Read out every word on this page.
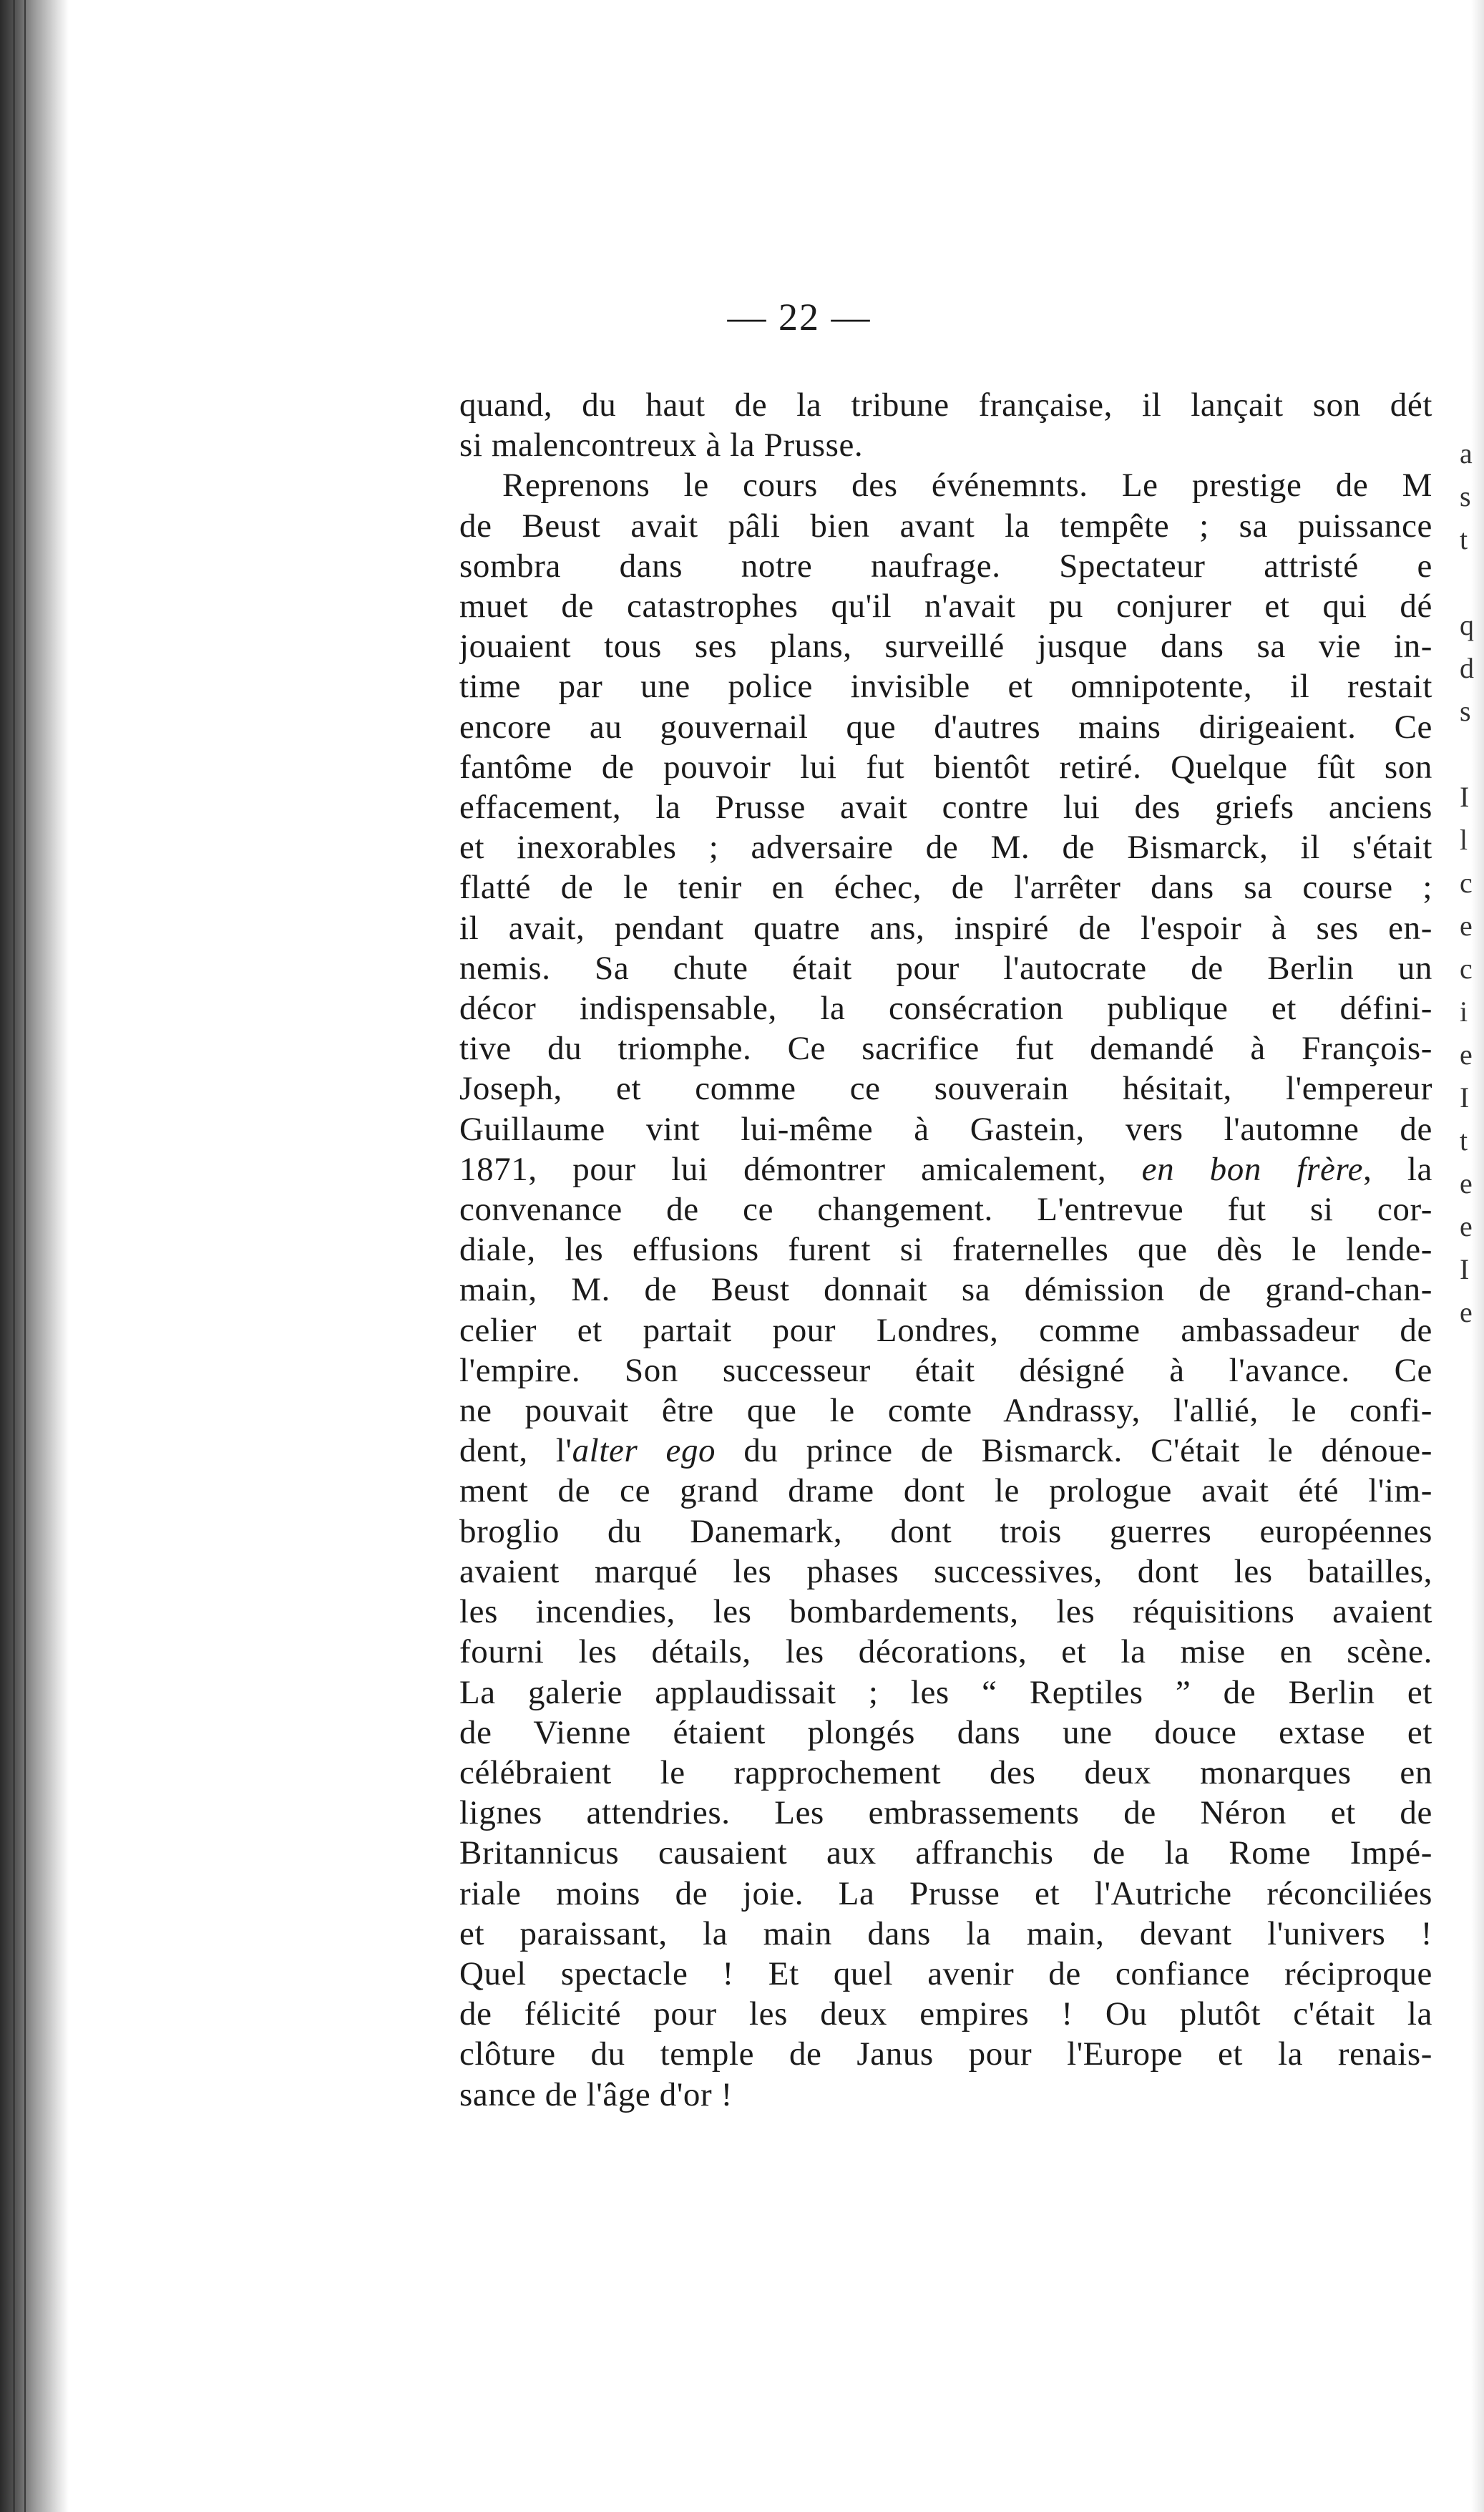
— 22 —
quand, du haut de la tribune française, il lançait son dét
si malencontreux à la Prusse.
Reprenons le cours des événemnts. Le prestige de M
de Beust avait pâli bien avant la tempête ; sa puissance
sombra dans notre naufrage. Spectateur attristé e
muet de catastrophes qu'il n'avait pu conjurer et qui dé
jouaient tous ses plans, surveillé jusque dans sa vie in-
time par une police invisible et omnipotente, il restait
encore au gouvernail que d'autres mains dirigeaient. Ce
fantôme de pouvoir lui fut bientôt retiré. Quelque fût son
effacement, la Prusse avait contre lui des griefs anciens
et inexorables ; adversaire de M. de Bismarck, il s'était
flatté de le tenir en échec, de l'arrêter dans sa course ;
il avait, pendant quatre ans, inspiré de l'espoir à ses en-
nemis. Sa chute était pour l'autocrate de Berlin un
décor indispensable, la consécration publique et défini-
tive du triomphe. Ce sacrifice fut demandé à François-
Joseph, et comme ce souverain hésitait, l'empereur
Guillaume vint lui-même à Gastein, vers l'automne de
1871, pour lui démontrer amicalement, en bon frère, la
convenance de ce changement. L'entrevue fut si cor-
diale, les effusions furent si fraternelles que dès le lende-
main, M. de Beust donnait sa démission de grand-chan-
celier et partait pour Londres, comme ambassadeur de
l'empire. Son successeur était désigné à l'avance. Ce
ne pouvait être que le comte Andrassy, l'allié, le confi-
dent, l'alter ego du prince de Bismarck. C'était le dénoue-
ment de ce grand drame dont le prologue avait été l'im-
broglio du Danemark, dont trois guerres européennes
avaient marqué les phases successives, dont les batailles,
les incendies, les bombardements, les réquisitions avaient
fourni les détails, les décorations, et la mise en scène.
La galerie applaudissait ; les “ Reptiles ” de Berlin et
de Vienne étaient plongés dans une douce extase et
célébraient le rapprochement des deux monarques en
lignes attendries. Les embrassements de Néron et de
Britannicus causaient aux affranchis de la Rome Impé-
riale moins de joie. La Prusse et l'Autriche réconciliées
et paraissant, la main dans la main, devant l'univers !
Quel spectacle ! Et quel avenir de confiance réciproque
de félicité pour les deux empires ! Ou plutôt c'était la
clôture du temple de Janus pour l'Europe et la renais-
sance de l'âge d'or !
a
s
t
q
d
s
I
l
c
e
c
i
e
I
t
e
e
I
e
